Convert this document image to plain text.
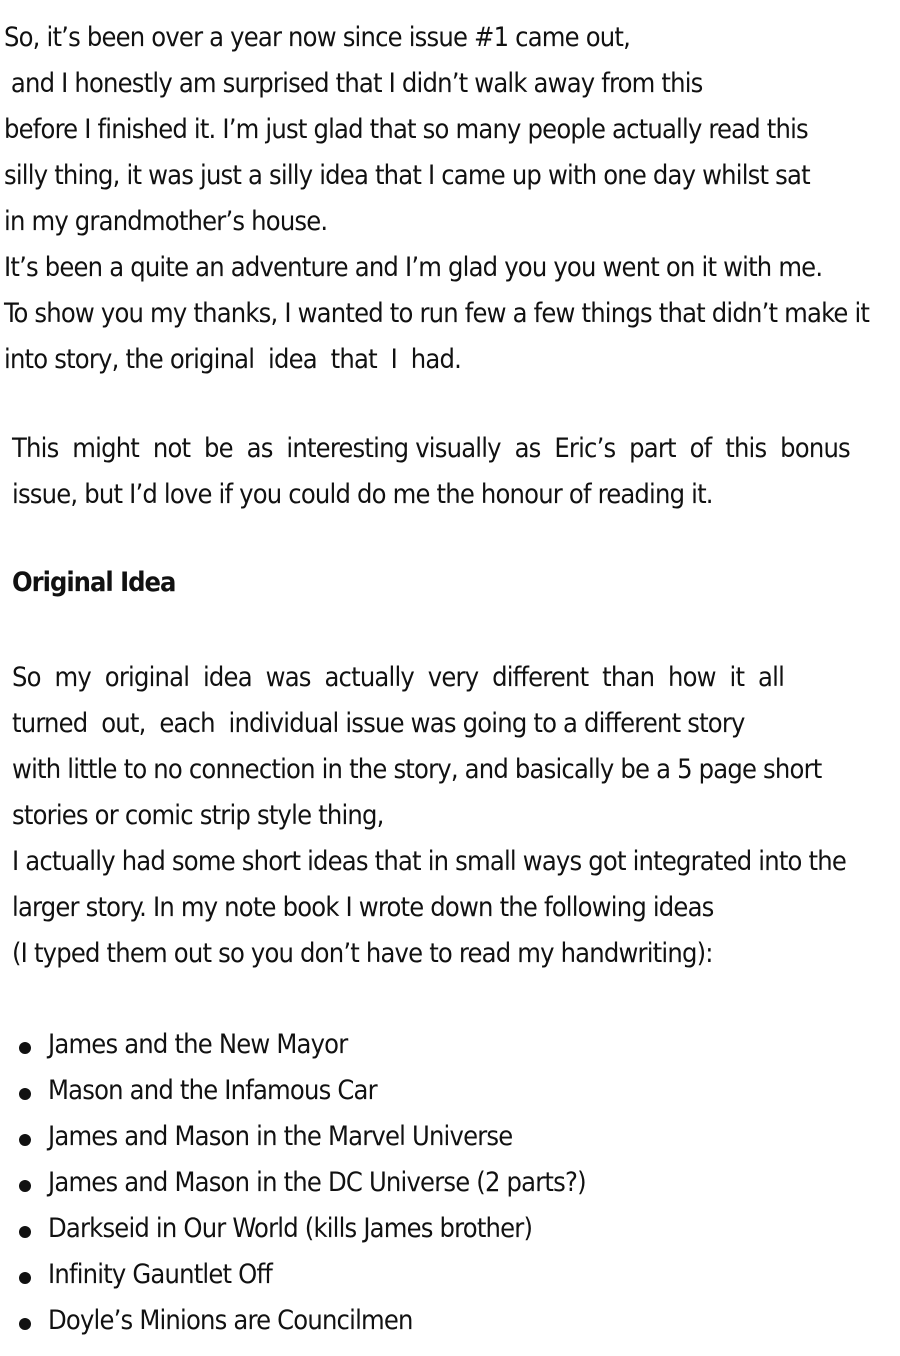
So, it’s been over a year now since issue #1 came out,
and I honestly am surprised that I didn’t walk away from this
before I finished it. I’m just glad that so many people actually read this
silly thing, it was just a silly idea that I came up with one day whilst sat
in my grandmother’s house.
It’s been a quite an adventure and I’m glad you you went on it with me.
To show you my thanks, I wanted to run few a few things that didn’t make it
into story, the original  idea  that  I  had.
This  might  not  be  as  interesting visually  as  Eric’s  part  of  this  bonus
issue, but I’d love if you could do me the honour of reading it.
Original Idea
So  my  original  idea  was  actually  very  different  than  how  it  all
turned  out,  each  individual issue was going to a different story
with little to no connection in the story, and basically be a 5 page short
stories or comic strip style thing,
I actually had some short ideas that in small ways got integrated into the
larger story. In my note book I wrote down the following ideas
(I typed them out so you don’t have to read my handwriting):
James and the New Mayor
Mason and the Infamous Car
James and Mason in the Marvel Universe
James and Mason in the DC Universe (2 parts?)
Darkseid in Our World (kills James brother)
Infinity Gauntlet Off
Doyle’s Minions are Councilmen
